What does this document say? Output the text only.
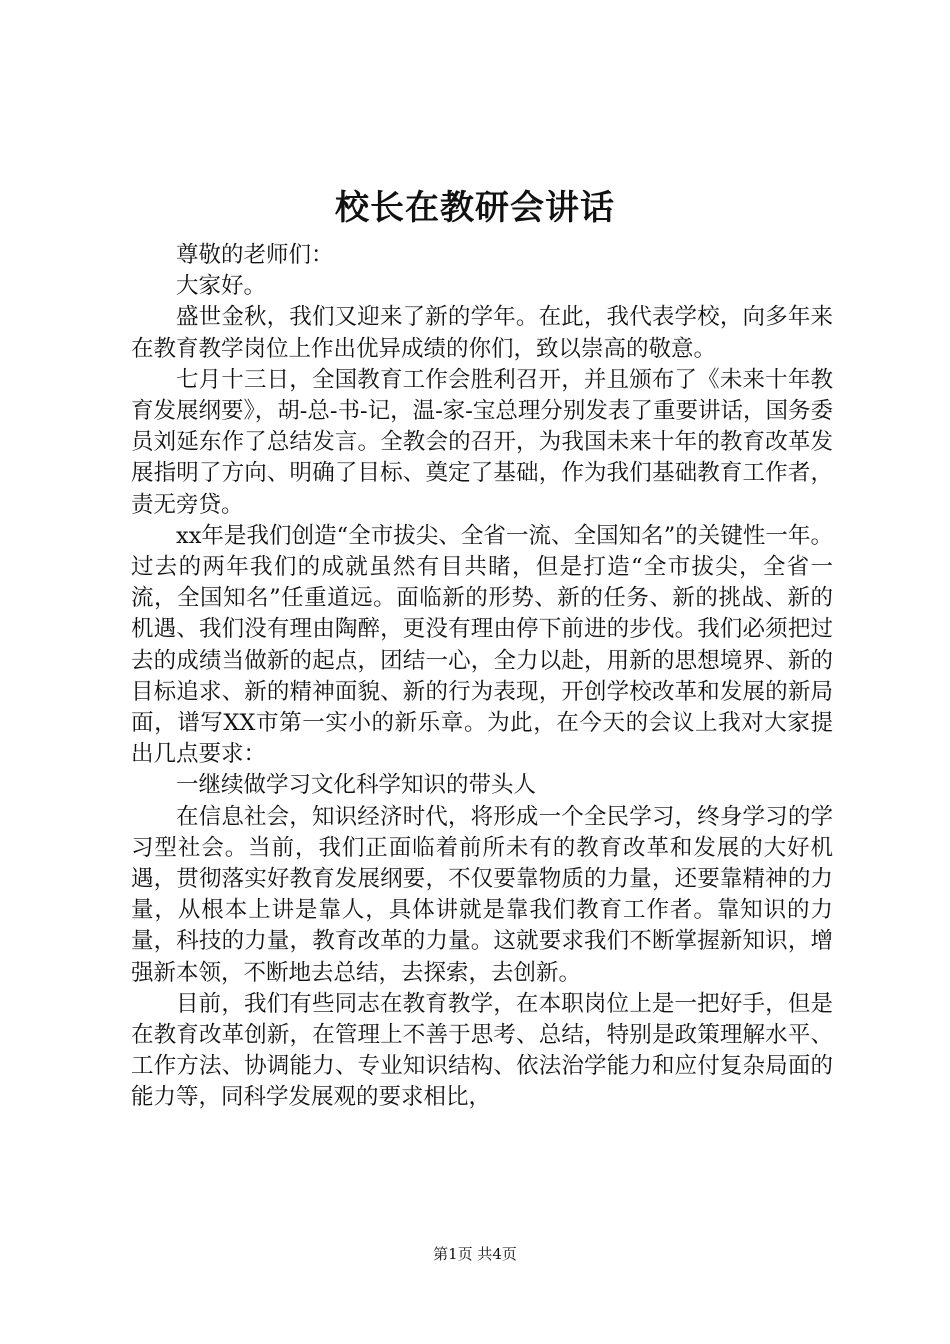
校长在教研会讲话

尊敬的老师们：

大家好。

盛世金秋，我们又迎来了新的学年。在此，我代表学校，向多年来在教育教学岗位上作出优异成绩的你们，致以崇高的敬意。

七月十三日，全国教育工作会胜利召开，并且颁布了《未来十年教育发展纲要》，胡-总-书-记，温-家-宝总理分别发表了重要讲话，国务委员刘延东作了总结发言。全教会的召开，为我国未来十年的教育改革发展指明了方向、明确了目标、奠定了基础，作为我们基础教育工作者，责无旁贷。

xx年是我们创造“全市拔尖、全省一流、全国知名”的关键性一年。过去的两年我们的成就虽然有目共睹，但是打造“全市拔尖，全省一流，全国知名”任重道远。面临新的形势、新的任务、新的挑战、新的机遇、我们没有理由陶醉，更没有理由停下前进的步伐。我们必须把过去的成绩当做新的起点，团结一心，全力以赴，用新的思想境界、新的目标追求、新的精神面貌、新的行为表现，开创学校改革和发展的新局面，谱写XX市第一实小的新乐章。为此，在今天的会议上我对大家提出几点要求：

一继续做学习文化科学知识的带头人

在信息社会，知识经济时代，将形成一个全民学习，终身学习的学习型社会。当前，我们正面临着前所未有的教育改革和发展的大好机遇，贯彻落实好教育发展纲要，不仅要靠物质的力量，还要靠精神的力量，从根本上讲是靠人，具体讲就是靠我们教育工作者。靠知识的力量，科技的力量，教育改革的力量。这就要求我们不断掌握新知识，增强新本领，不断地去总结，去探索，去创新。

目前，我们有些同志在教育教学，在本职岗位上是一把好手，但是在教育改革创新，在管理上不善于思考、总结，特别是政策理解水平、工作方法、协调能力、专业知识结构、依法治学能力和应付复杂局面的能力等，同科学发展观的要求相比，

第1页 共4页
